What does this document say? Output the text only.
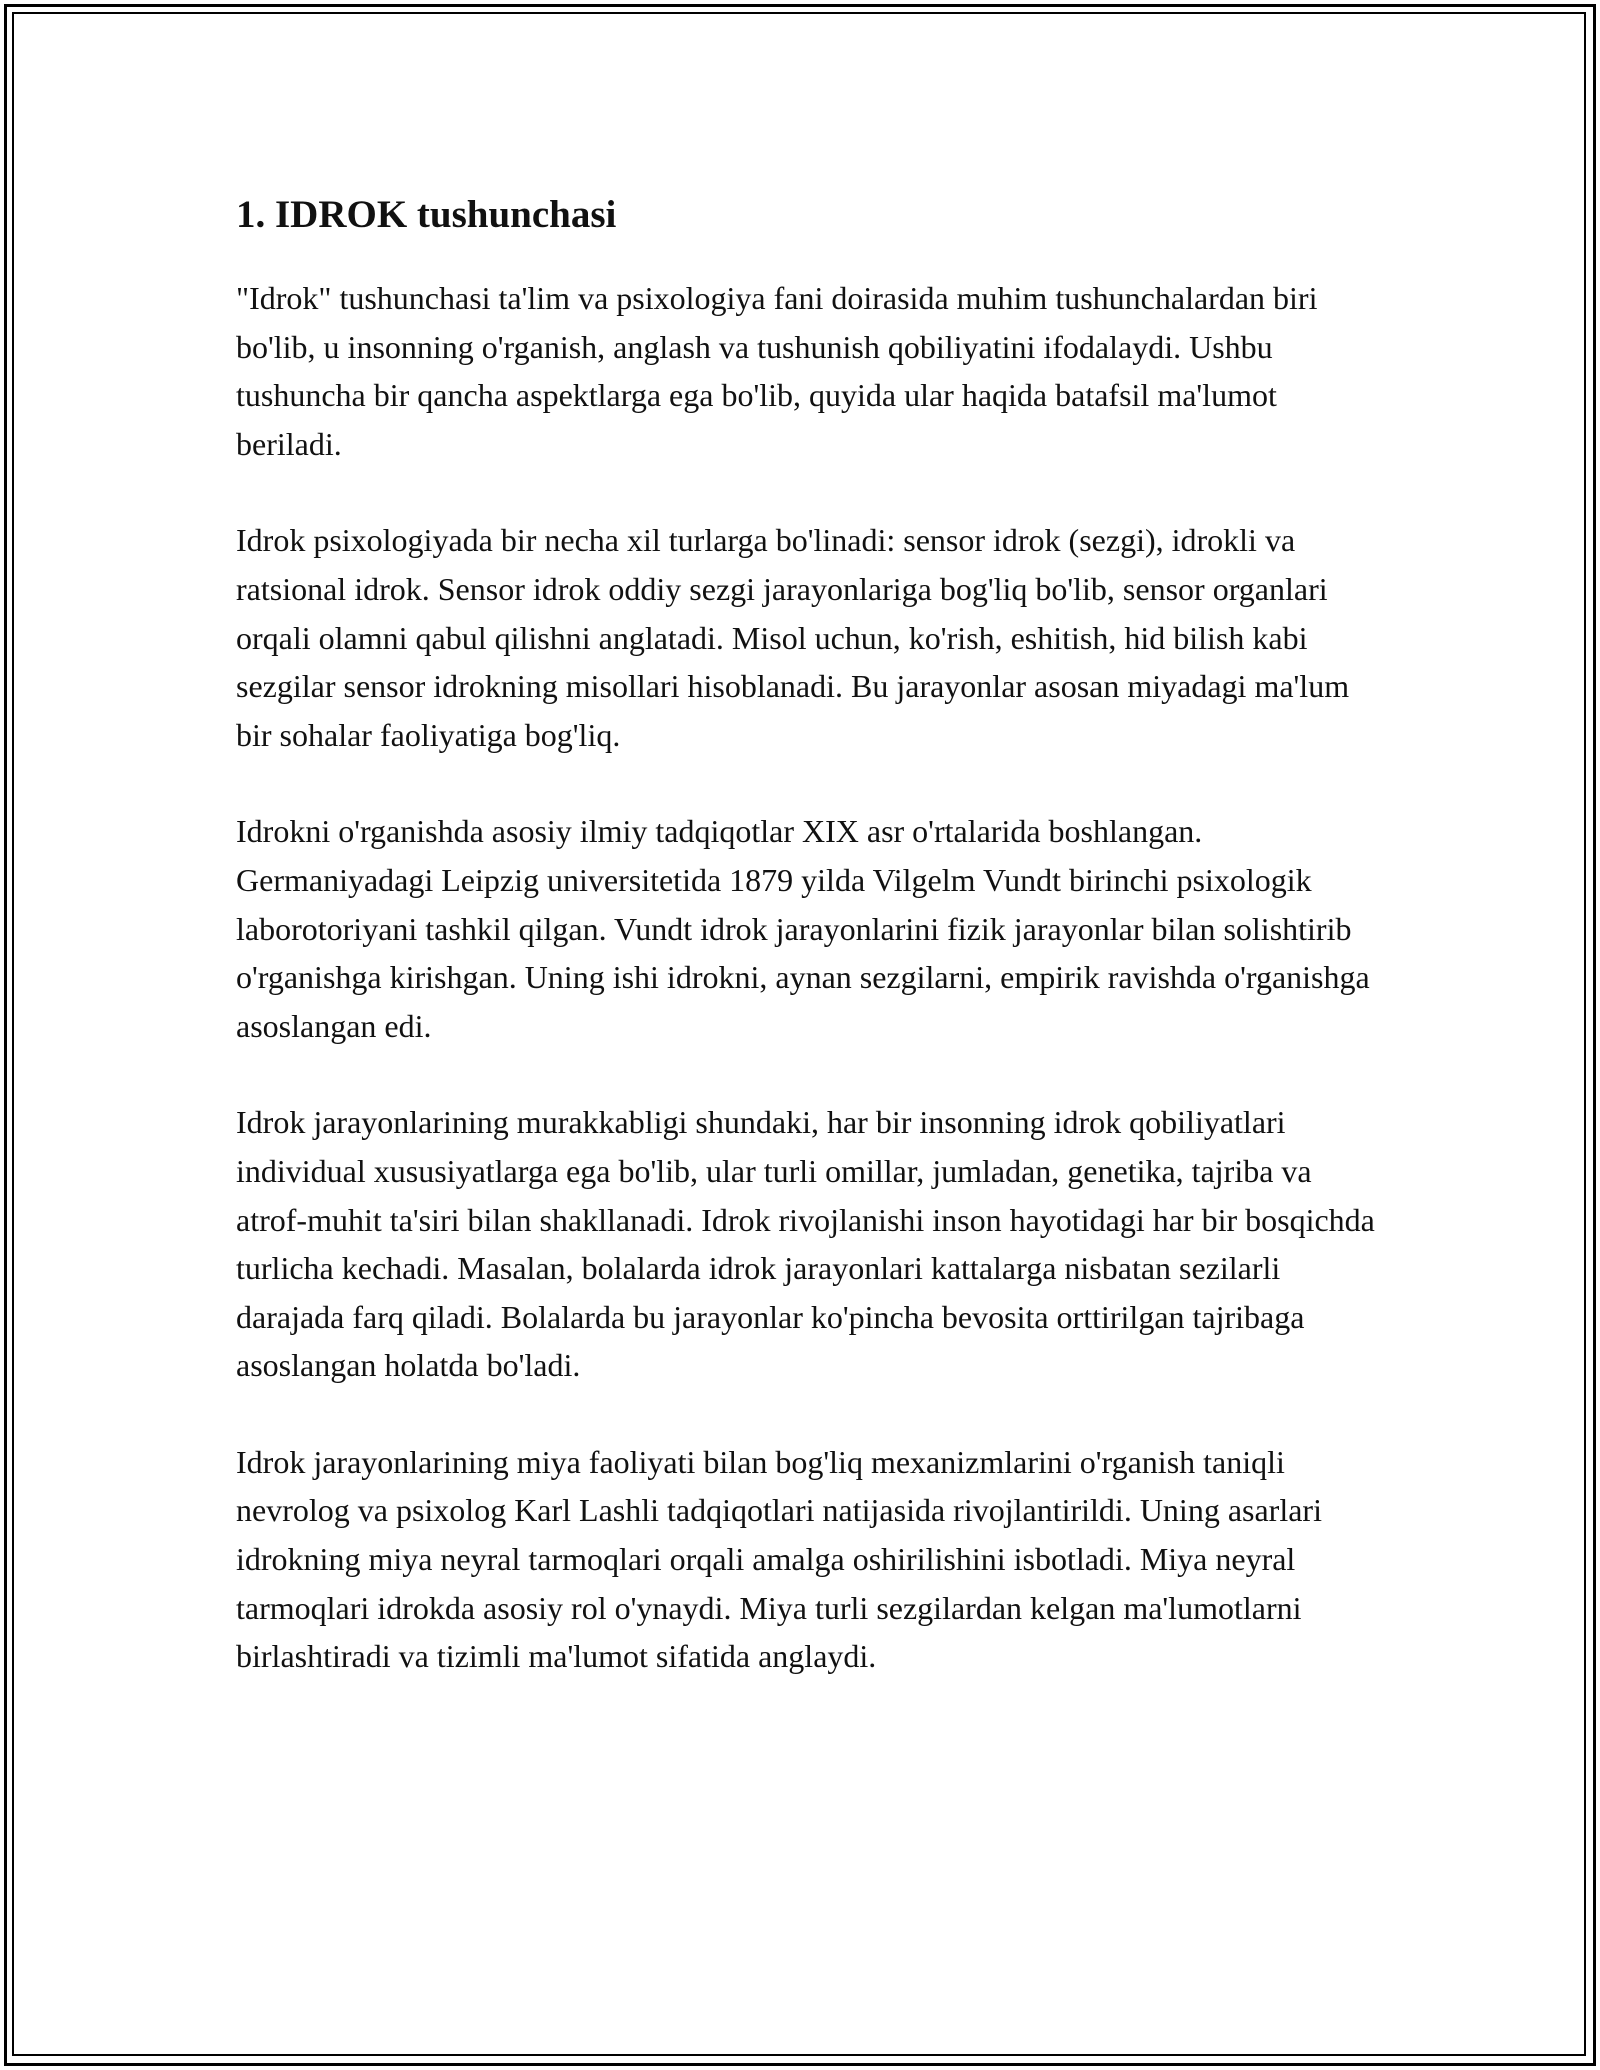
1. IDROK tushunchasi

"Idrok" tushunchasi ta'lim va psixologiya fani doirasida muhim tushunchalardan biri bo'lib, u insonning o'rganish, anglash va tushunish qobiliyatini ifodalaydi. Ushbu tushuncha bir qancha aspektlarga ega bo'lib, quyida ular haqida batafsil ma'lumot beriladi.

Idrok psixologiyada bir necha xil turlarga bo'linadi: sensor idrok (sezgi), idrokli va ratsional idrok. Sensor idrok oddiy sezgi jarayonlariga bog'liq bo'lib, sensor organlari orqali olamni qabul qilishni anglatadi. Misol uchun, ko'rish, eshitish, hid bilish kabi sezgilar sensor idrokning misollari hisoblanadi. Bu jarayonlar asosan miyadagi ma'lum bir sohalar faoliyatiga bog'liq.

Idrokni o'rganishda asosiy ilmiy tadqiqotlar XIX asr o'rtalarida boshlangan. Germaniyadagi Leipzig universitetida 1879 yilda Vilgelm Vundt birinchi psixologik laborotoriyani tashkil qilgan. Vundt idrok jarayonlarini fizik jarayonlar bilan solishtirib o'rganishga kirishgan. Uning ishi idrokni, aynan sezgilarni, empirik ravishda o'rganishga asoslangan edi.

Idrok jarayonlarining murakkabligi shundaki, har bir insonning idrok qobiliyatlari individual xususiyatlarga ega bo'lib, ular turli omillar, jumladan, genetika, tajriba va atrof-muhit ta'siri bilan shakllanadi. Idrok rivojlanishi inson hayotidagi har bir bosqichda turlicha kechadi. Masalan, bolalarda idrok jarayonlari kattalarga nisbatan sezilarli darajada farq qiladi. Bolalarda bu jarayonlar ko'pincha bevosita orttirilgan tajribaga asoslangan holatda bo'ladi.

Idrok jarayonlarining miya faoliyati bilan bog'liq mexanizmlarini o'rganish taniqli nevrolog va psixolog Karl Lashli tadqiqotlari natijasida rivojlantirildi. Uning asarlari idrokning miya neyral tarmoqlari orqali amalga oshirilishini isbotladi. Miya neyral tarmoqlari idrokda asosiy rol o'ynaydi. Miya turli sezgilardan kelgan ma'lumotlarni birlashtiradi va tizimli ma'lumot sifatida anglaydi.
